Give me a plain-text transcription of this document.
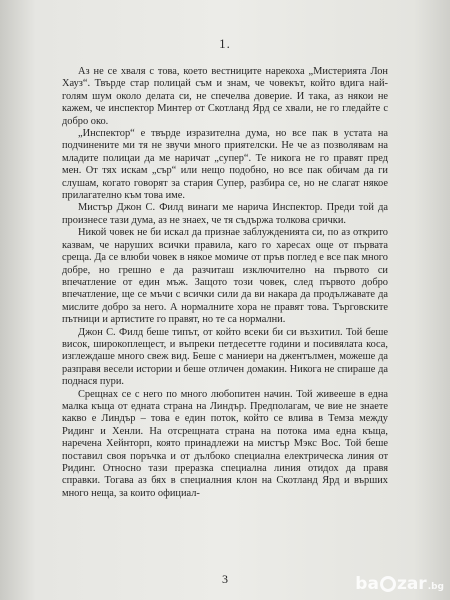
1.

Аз не се хваля с това, което вестниците нарекоха „Мистерията Лон Хауз“. Твърде стар полицай съм и знам, че човекът, който вдига най-голям шум около делата си, не спечелва доверие. И така, аз някои не кажем, че инспектор Минтер от Скотланд Ярд се хвали, не го гледайте с добро око.

„Инспектор“ е твърде изразителна дума, но все пак в устата на подчинените ми тя не звучи много приятелски. Не че аз позволявам на младите полицаи да ме наричат „супер“. Те никога не го правят пред мен. От тях искам „сър“ или нещо подобно, но все пак обичам да ги слушам, когато говорят за стария Супер, разбира се, но не слагат някое прилагателно към това име.

Мистър Джон С. Филд винаги ме нарича Инспектор. Преди той да произнесе тази дума, аз не знаех, че тя съдържа толкова срички.

Никой човек не би искал да признае заблужденията си, по аз открито казвам, че нарушиx всички правила, каго го харесах още от първата среща. Да се влюби човек в някое момиче от пръв поглед е все пак много добре, но грешно е да разчиташ изключително на първото си впечатление от един мъж. Защото този човек, след първото добро впечатление, ще се мъчи с всички сили да ви накара да продължавате да мислите добро за него. А нормалните хора не правят това. Търговските пътници и артистите го правят, но те са нормални.

Джон С. Филд беше типът, от който всеки би си възхитил. Той беше висок, широкоплещест, и въпреки петдесетте години и посивялата коса, изглеждаше много свеж вид. Беше с маниери на джентълмен, можеше да разправя весели истории и беше отличен домакин. Никога не спираше да поднася пури.

Срещнах се с него по много любопитен начин. Той живееше в една малка къща от едната страна на Линдър. Предполагам, че вие не знаете какво е Линдър – това е един поток, който се влива в Темза между Ридинг и Хенли. На отсрещната страна на потока има една къща, наречена Хейнторп, която принадлежи на мистър Мэкс Вос. Той беше поставил своя поръчка и от дълбоко специална електрическа линия от Ридинг. Относно тази преразка специална линия отидох да правя справки. Тогава аз бях в специалния клон на Скотланд Ярд и върших много неща, за които официал-

3	ba zar .bg
